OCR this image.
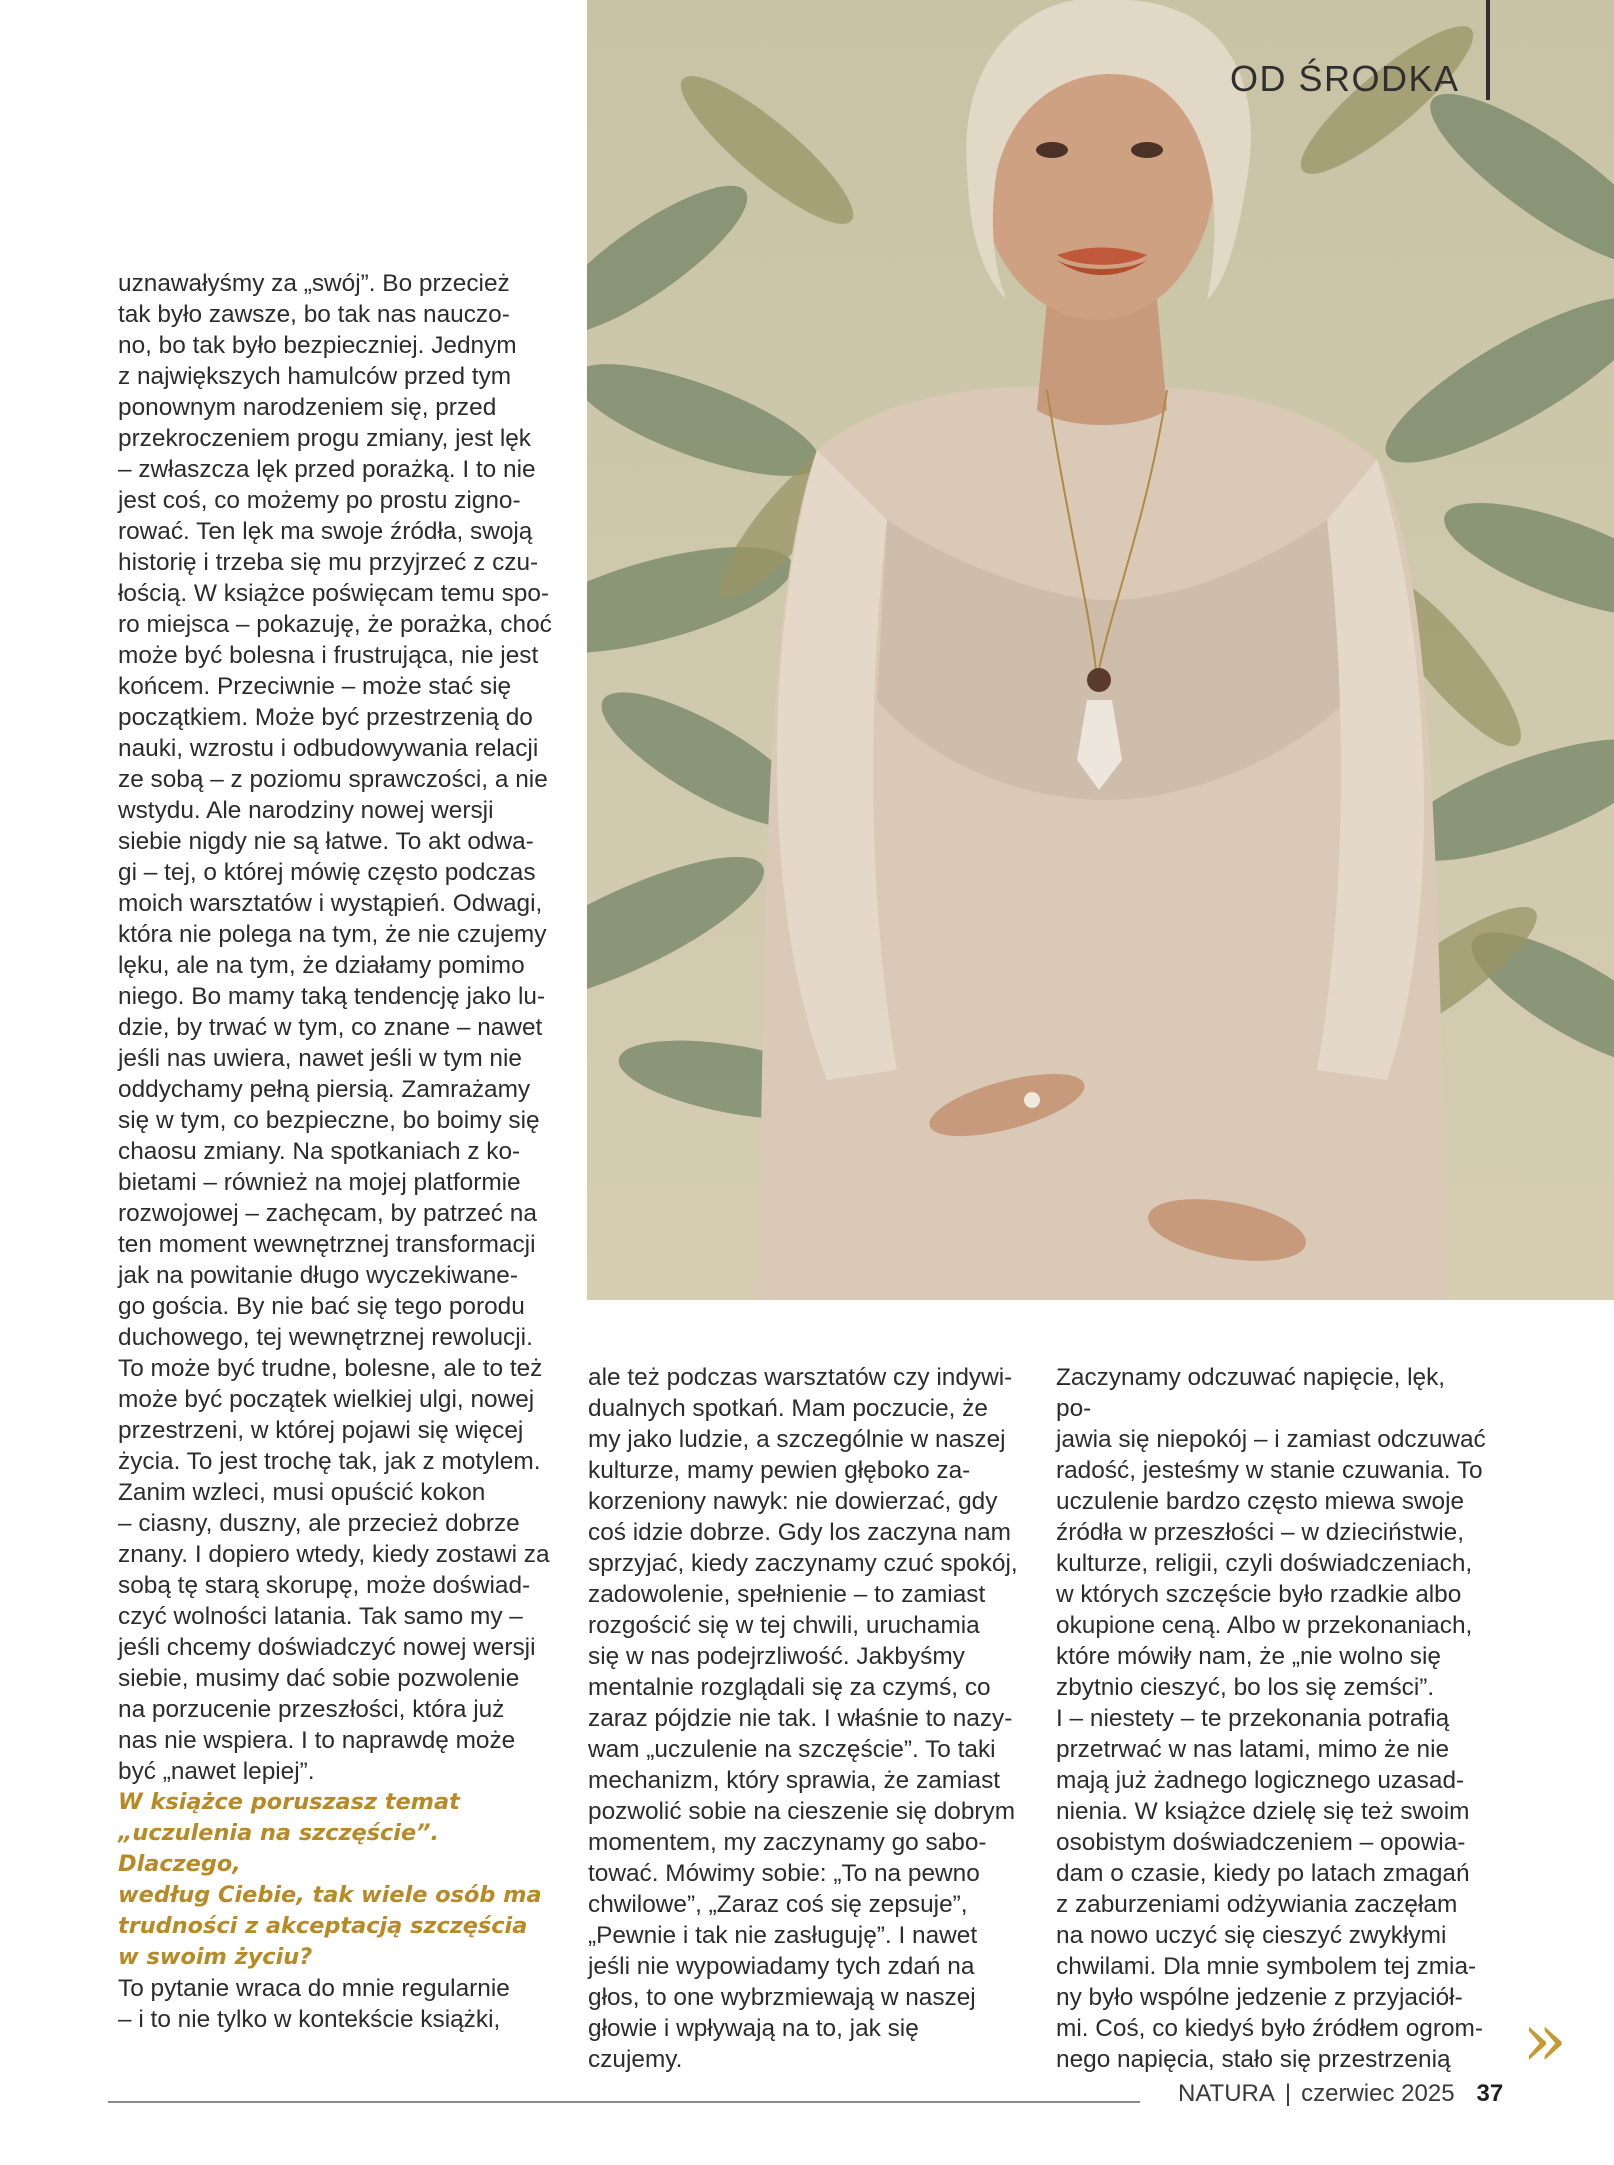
OD ŚRODKA

uznawałyśmy za „swój”. Bo przecież
tak było zawsze, bo tak nas nauczo-
no, bo tak było bezpieczniej. Jednym
z największych hamulców przed tym
ponownym narodzeniem się, przed
przekroczeniem progu zmiany, jest lęk
– zwłaszcza lęk przed porażką. I to nie
jest coś, co możemy po prostu zigno-
rować. Ten lęk ma swoje źródła, swoją
historię i trzeba się mu przyjrzeć z czu-
łością. W książce poświęcam temu spo-
ro miejsca – pokazuję, że porażka, choć
może być bolesna i frustrująca, nie jest
końcem. Przeciwnie – może stać się
początkiem. Może być przestrzenią do
nauki, wzrostu i odbudowywania relacji
ze sobą – z poziomu sprawczości, a nie
wstydu. Ale narodziny nowej wersji
siebie nigdy nie są łatwe. To akt odwa-
gi – tej, o której mówię często podczas
moich warsztatów i wystąpień. Odwagi,
która nie polega na tym, że nie czujemy
lęku, ale na tym, że działamy pomimo
niego. Bo mamy taką tendencję jako lu-
dzie, by trwać w tym, co znane – nawet
jeśli nas uwiera, nawet jeśli w tym nie
oddychamy pełną piersią. Zamrażamy
się w tym, co bezpieczne, bo boimy się
chaosu zmiany. Na spotkaniach z ko-
bietami – również na mojej platformie
rozwojowej – zachęcam, by patrzeć na
ten moment wewnętrznej transformacji
jak na powitanie długo wyczekiwane-
go gościa. By nie bać się tego porodu
duchowego, tej wewnętrznej rewolucji.
To może być trudne, bolesne, ale to też
może być początek wielkiej ulgi, nowej
przestrzeni, w której pojawi się więcej
życia. To jest trochę tak, jak z motylem.
Zanim wzleci, musi opuścić kokon
– ciasny, duszny, ale przecież dobrze
znany. I dopiero wtedy, kiedy zostawi za
sobą tę starą skorupę, może doświad-
czyć wolności latania. Tak samo my –
jeśli chcemy doświadczyć nowej wersji
siebie, musimy dać sobie pozwolenie
na porzucenie przeszłości, która już
nas nie wspiera. I to naprawdę może
być „nawet lepiej”.

W książce poruszasz temat
„uczulenia na szczęście”. Dlaczego,
według Ciebie, tak wiele osób ma
trudności z akceptacją szczęścia
w swoim życiu?

To pytanie wraca do mnie regularnie
– i to nie tylko w kontekście książki,

ale też podczas warsztatów czy indywi-
dualnych spotkań. Mam poczucie, że
my jako ludzie, a szczególnie w naszej
kulturze, mamy pewien głęboko za-
korzeniony nawyk: nie dowierzać, gdy
coś idzie dobrze. Gdy los zaczyna nam
sprzyjać, kiedy zaczynamy czuć spokój,
zadowolenie, spełnienie – to zamiast
rozgościć się w tej chwili, uruchamia
się w nas podejrzliwość. Jakbyśmy
mentalnie rozglądali się za czymś, co
zaraz pójdzie nie tak. I właśnie to nazy-
wam „uczulenie na szczęście”. To taki
mechanizm, który sprawia, że zamiast
pozwolić sobie na cieszenie się dobrym
momentem, my zaczynamy go sabo-
tować. Mówimy sobie: „To na pewno
chwilowe”, „Zaraz coś się zepsuje”,
„Pewnie i tak nie zasługuję”. I nawet
jeśli nie wypowiadamy tych zdań na
głos, to one wybrzmiewają w naszej
głowie i wpływają na to, jak się czujemy.

Zaczynamy odczuwać napięcie, lęk, po-
jawia się niepokój – i zamiast odczuwać
radość, jesteśmy w stanie czuwania. To
uczulenie bardzo często miewa swoje
źródła w przeszłości – w dzieciństwie,
kulturze, religii, czyli doświadczeniach,
w których szczęście było rzadkie albo
okupione ceną. Albo w przekonaniach,
które mówiły nam, że „nie wolno się
zbytnio cieszyć, bo los się zemści”.
I – niestety – te przekonania potrafią
przetrwać w nas latami, mimo że nie
mają już żadnego logicznego uzasad-
nienia. W książce dzielę się też swoim
osobistym doświadczeniem – opowia-
dam o czasie, kiedy po latach zmagań
z zaburzeniami odżywiania zaczęłam
na nowo uczyć się cieszyć zwykłymi
chwilami. Dla mnie symbolem tej zmia-
ny było wspólne jedzenie z przyjaciół-
mi. Coś, co kiedyś było źródłem ogrom-
nego napięcia, stało się przestrzenią »
NATURA | czerwiec 2025 37
